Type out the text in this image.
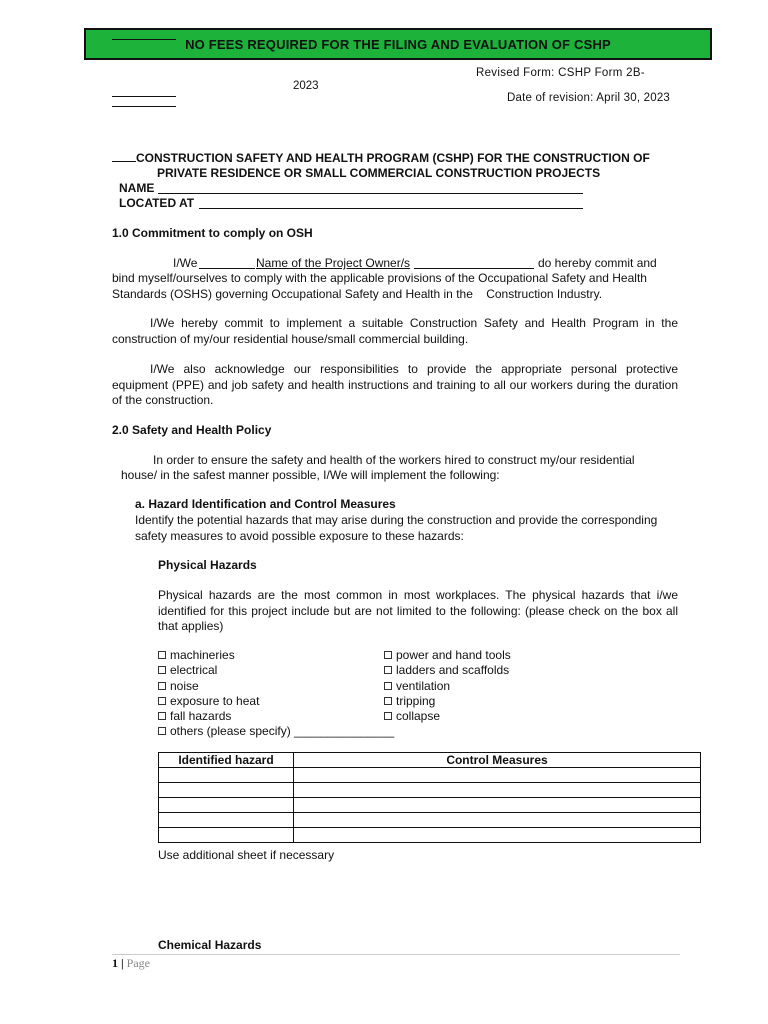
NO FEES REQUIRED FOR THE FILING AND EVALUATION OF CSHP
Revised Form: CSHP Form 2B-
2023
Date of revision: April 30, 2023
CONSTRUCTION SAFETY AND HEALTH PROGRAM (CSHP) FOR THE CONSTRUCTION OF
PRIVATE RESIDENCE OR SMALL COMMERCIAL CONSTRUCTION PROJECTS
NAME
LOCATED AT
1.0 Commitment to comply on OSH
I/We	Name of the Project Owner/s	do hereby commit and
bind myself/ourselves to comply with the applicable provisions of the Occupational Safety and Health
Standards (OSHS) governing Occupational Safety and Health in the    Construction Industry.
I/We hereby commit to implement a suitable Construction Safety and Health Program in the construction of my/our residential house/small commercial building.
I/We also acknowledge our responsibilities to provide the appropriate personal protective equipment (PPE) and job safety and health instructions and training to all our workers during the duration of the construction.
2.0 Safety and Health Policy
In order to ensure the safety and health of the workers hired to construct my/our residential
house/ in the safest manner possible, I/We will implement the following:
a. Hazard Identification and Control Measures
Identify the potential hazards that may arise during the construction and provide the corresponding
safety measures to avoid possible exposure to these hazards:
Physical Hazards
Physical hazards are the most common in most workplaces. The physical hazards that i/we identified for this project include but are not limited to the following: (please check on the box all that applies)
machineries
electrical
noise
exposure to heat
fall hazards
others (please specify) _______________
power and hand tools
ladders and scaffolds
ventilation
tripping
collapse
Identified hazard	Control Measures

Use additional sheet if necessary
Chemical Hazards
1 | Page
